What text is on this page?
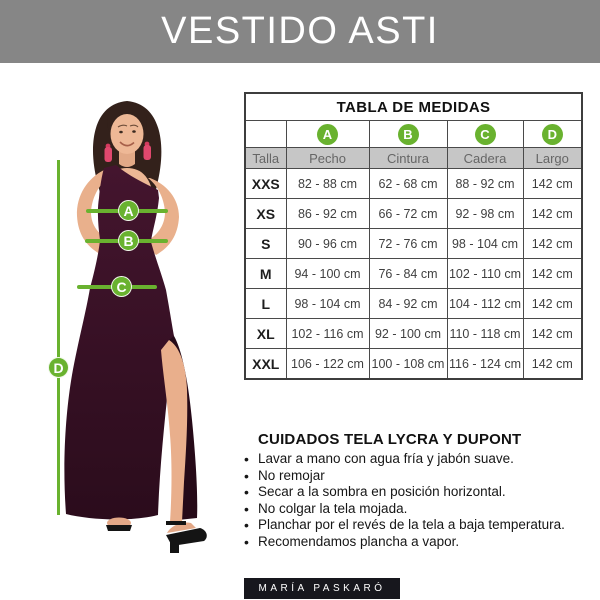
VESTIDO ASTI
A
B
C
D
TABLA DE MEDIDAS				
	A	B	C	D
Talla	Pecho	Cintura	Cadera	Largo
XXS	82 - 88 cm	62 - 68 cm	88 - 92 cm	142 cm
XS	86 - 92 cm	66 - 72 cm	92 - 98 cm	142 cm
S	90 - 96 cm	72 - 76 cm	98 - 104 cm	142 cm
M	94 - 100 cm	76 - 84 cm	102 - 110 cm	142 cm
L	98 - 104 cm	84 - 92 cm	104 - 112 cm	142 cm
XL	102 - 116 cm	92 - 100 cm	110 - 118 cm	142 cm
XXL	106 - 122 cm	100 - 108 cm	116 - 124 cm	142 cm
CUIDADOS TELA LYCRA Y DUPONT
• Lavar a mano con agua fría y jabón suave.
• No remojar
• Secar a la sombra en posición horizontal.
• No colgar la tela mojada.
• Planchar por el revés de la tela a baja temperatura.
• Recomendamos plancha a vapor.
MARÍA PASKARÓ
